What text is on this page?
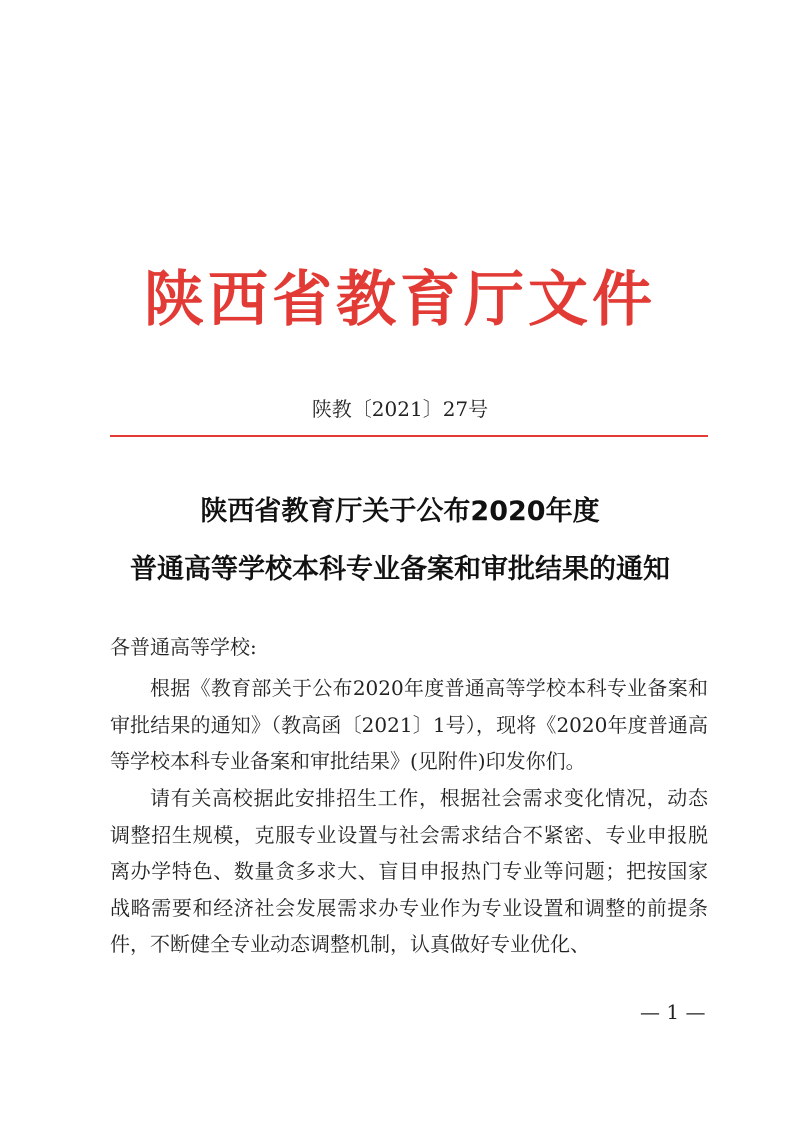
陕西省教育厅文件
陕教〔2021〕27号
陕西省教育厅关于公布2020年度
普通高等学校本科专业备案和审批结果的通知
各普通高等学校:
根据《教育部关于公布2020年度普通高等学校本科专业备案和审批结果的通知》（教高函〔2021〕1号），现将《2020年度普通高等学校本科专业备案和审批结果》(见附件)印发你们。
请有关高校据此安排招生工作，根据社会需求变化情况，动态调整招生规模，克服专业设置与社会需求结合不紧密、专业申报脱离办学特色、数量贪多求大、盲目申报热门专业等问题；把按国家战略需要和经济社会发展需求办专业作为专业设置和调整的前提条件，不断健全专业动态调整机制，认真做好专业优化、
— 1 —
